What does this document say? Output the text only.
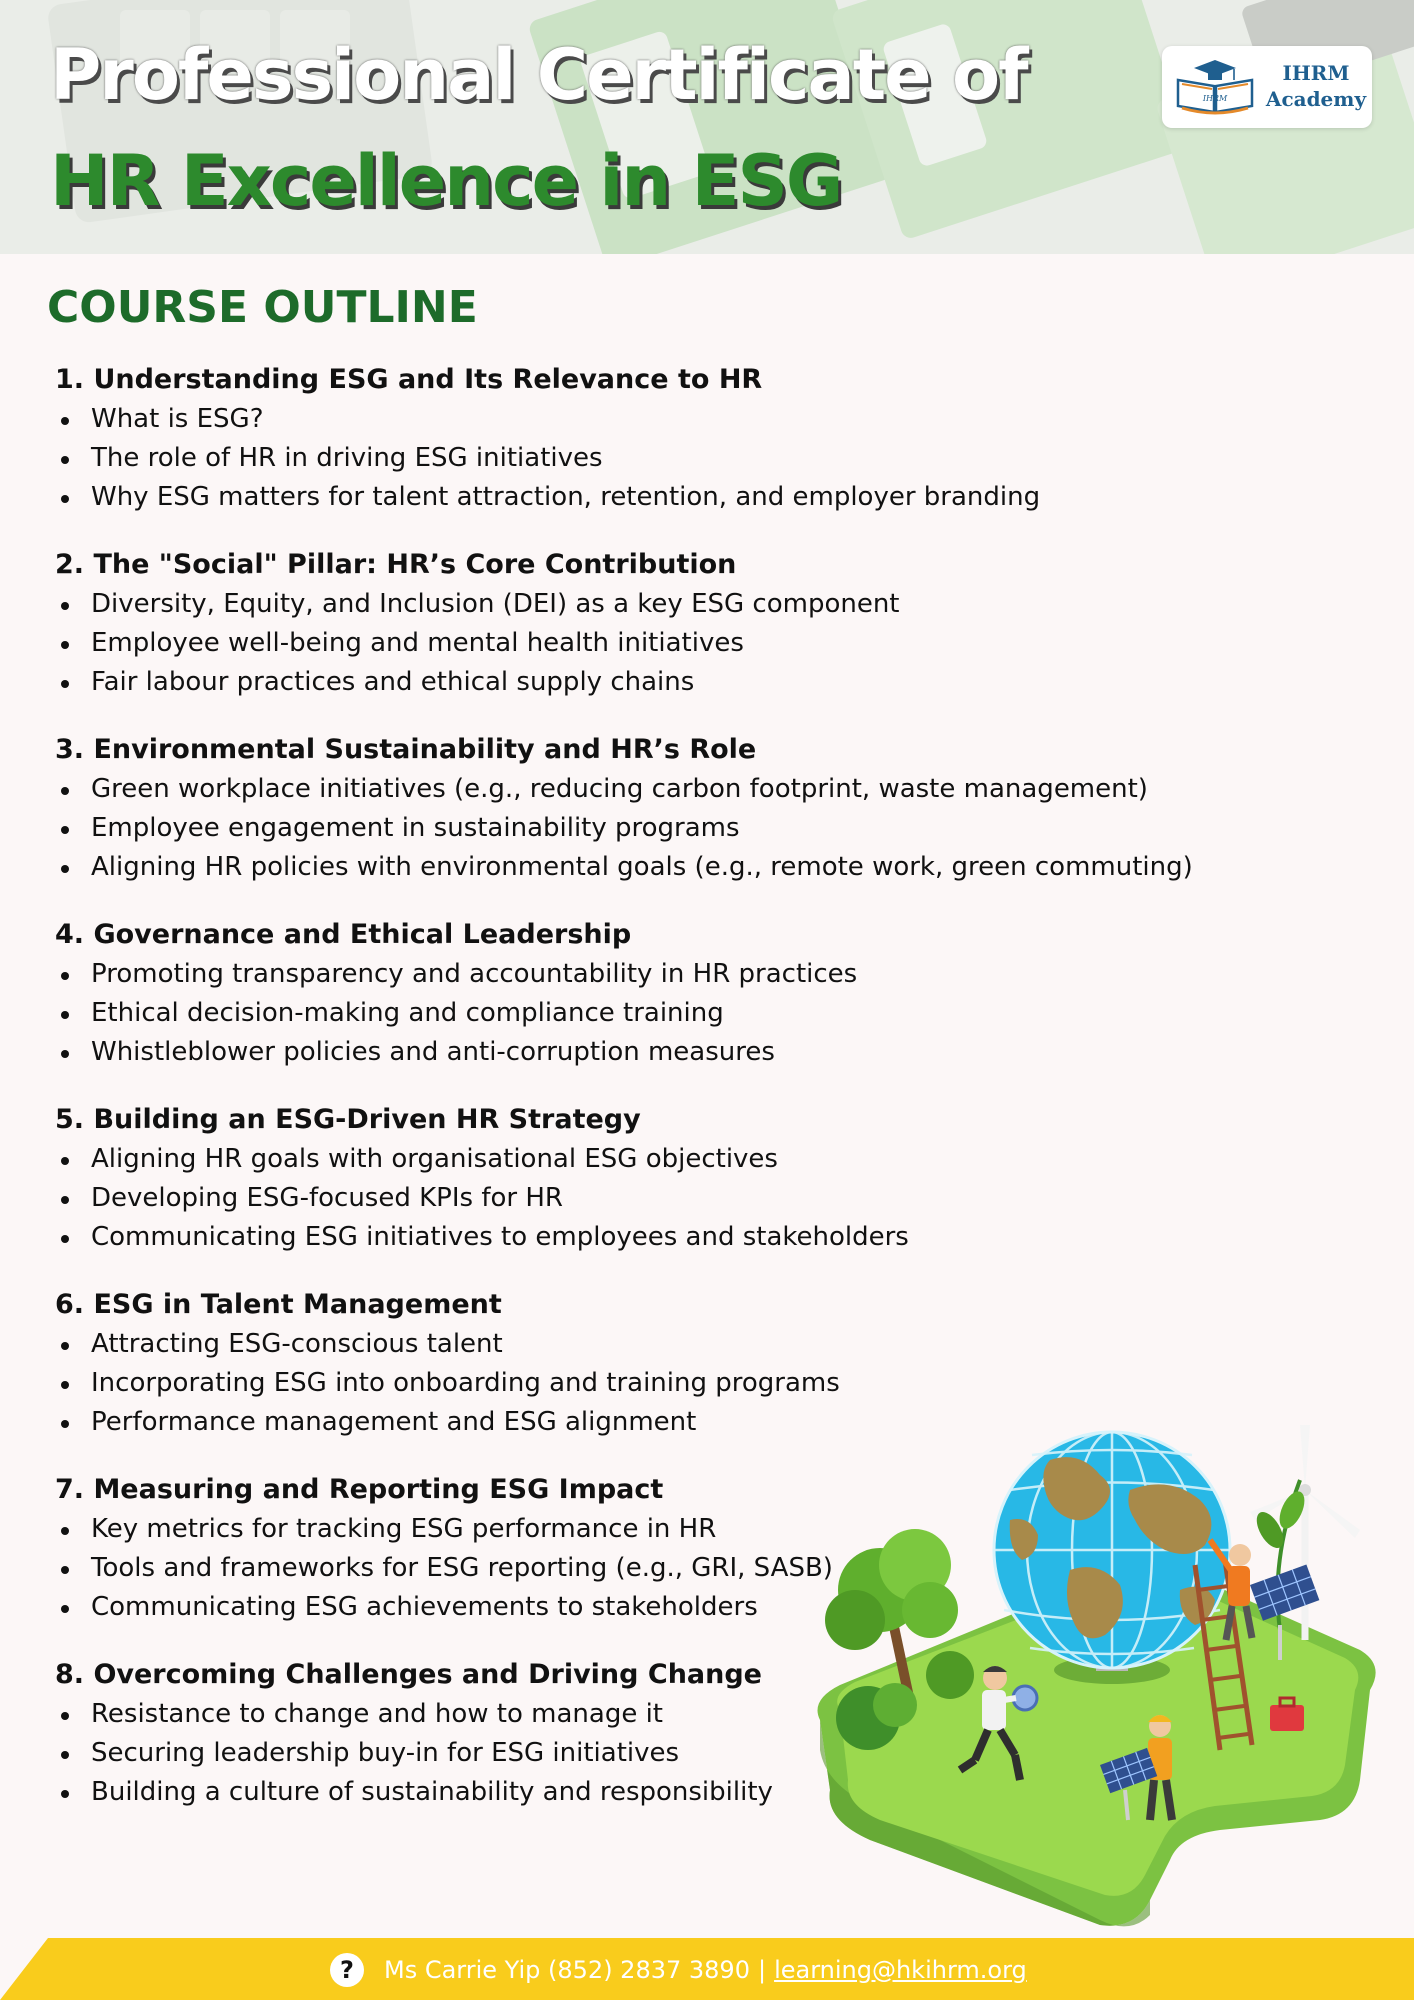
Professional Certificate of
HR Excellence in ESG
IHRM
IHRM
Academy
COURSE OUTLINE
1. Understanding ESG and Its Relevance to HR
What is ESG?
The role of HR in driving ESG initiatives
Why ESG matters for talent attraction, retention, and employer branding
2. The "Social" Pillar: HR’s Core Contribution
Diversity, Equity, and Inclusion (DEI) as a key ESG component
Employee well-being and mental health initiatives
Fair labour practices and ethical supply chains
3. Environmental Sustainability and HR’s Role
Green workplace initiatives (e.g., reducing carbon footprint, waste management)
Employee engagement in sustainability programs
Aligning HR policies with environmental goals (e.g., remote work, green commuting)
4. Governance and Ethical Leadership
Promoting transparency and accountability in HR practices
Ethical decision-making and compliance training
Whistleblower policies and anti-corruption measures
5. Building an ESG-Driven HR Strategy
Aligning HR goals with organisational ESG objectives
Developing ESG-focused KPIs for HR
Communicating ESG initiatives to employees and stakeholders
6. ESG in Talent Management
Attracting ESG-conscious talent
Incorporating ESG into onboarding and training programs
Performance management and ESG alignment
7. Measuring and Reporting ESG Impact
Key metrics for tracking ESG performance in HR
Tools and frameworks for ESG reporting (e.g., GRI, SASB)
Communicating ESG achievements to stakeholders
8. Overcoming Challenges and Driving Change
Resistance to change and how to manage it
Securing leadership buy-in for ESG initiatives
Building a culture of sustainability and responsibility
?	Ms Carrie Yip (852) 2837 3890 | learning@hkihrm.org
